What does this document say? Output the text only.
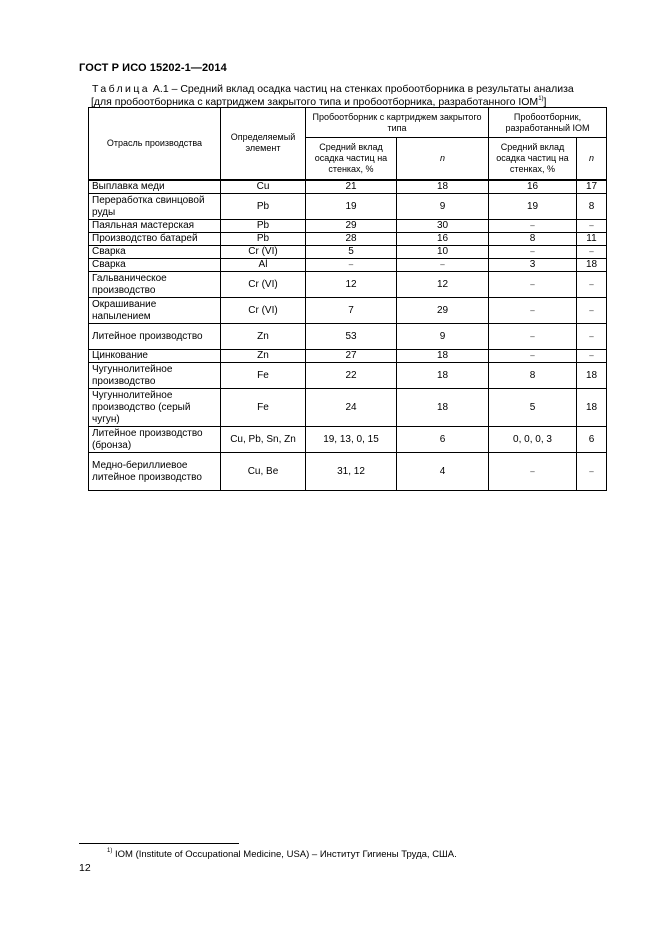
ГОСТ Р ИСО 15202-1—2014
Таблица А.1 – Средний вклад осадка частиц на стенках пробоотборника в результаты анализа
[для пробоотборника с картриджем закрытого типа и пробоотборника, разработанного IOM$^{1)}$]
Отрасль производства	Определяемый элемент	Пробоотборник с картриджем закрытого типа		Пробоотборник, разработанный IOM	
		Средний вклад осадка частиц на стенках, %	n	Средний вклад осадка частиц на стенках, %	n
Выплавка меди	Cu	21	18	16	17
Переработка свинцовой руды	Pb	19	9	19	8
Паяльная мастерская	Pb	29	30	–	–
Производство батарей	Pb	28	16	8	11
Сварка	Cr (VI)	5	10	–	–
Сварка	Al	–	–	3	18
Гальваническое производство	Cr (VI)	12	12	–	–
Окрашивание напылением	Cr (VI)	7	29	–	–
Литейное производство	Zn	53	9	–	–
Цинкование	Zn	27	18	–	–
Чугуннолитейное производство	Fe	22	18	8	18
Чугуннолитейное производство (серый чугун)	Fe	24	18	5	18
Литейное производство (бронза)	Cu, Pb, Sn, Zn	19, 13, 0, 15	6	0, 0, 0, 3	6
Медно-бериллиевое литейное производство	Cu, Be	31, 12	4	–	–
$^{1)}$ IOM (Institute of Occupational Medicine, USA) – Институт Гигиены Труда, США.
12
